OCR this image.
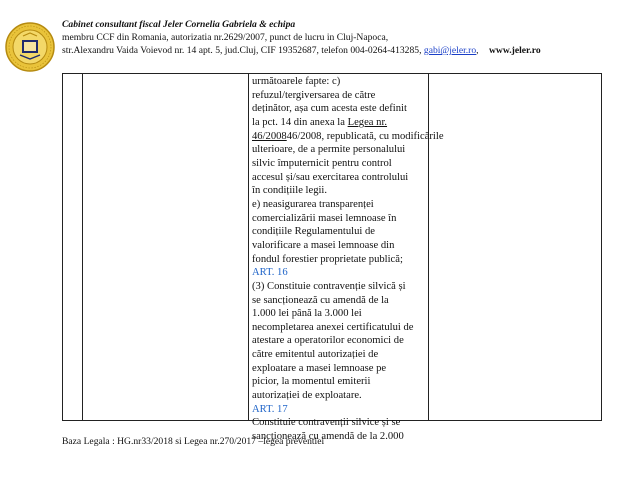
Cabinet consultant fiscal Jeler Cornelia Gabriela & echipa
membru CCF din Romania, autorizatia nr.2629/2007, punct de lucru in Cluj-Napoca,
str.Alexandru Vaida Voievod nr. 14 apt. 5, jud.Cluj, CIF 19352687, telefon 004-0264-413285, gabi@jeler.ro, www.jeler.ro
următoarele fapte: c)
refuzul/tergiversarea de către
deținător, așa cum acesta este definit
la pct. 14 din anexa la Legea nr.
46/200846/2008, republicată, cu modificările
ulterioare, de a permite personalului
silvic împuternicit pentru control
accesul și/sau exercitarea controlului
în condițiile legii.
e) neasigurarea transparenței
comercializării masei lemnoase în
condițiile Regulamentului de
valorificare a masei lemnoase din
fondul forestier proprietate publică;
ART. 16
(3) Constituie contravenție silvică și
se sancționează cu amendă de la
1.000 lei până la 3.000 lei
necompletarea anexei certificatului de
atestare a operatorilor economici de
către emitentul autorizației de
exploatare a masei lemnoase pe
picior, la momentul emiterii
autorizației de exploatare.
ART. 17
Constituie contravenții silvice și se
sancționează cu amendă de la 2.000
Baza Legala : HG.nr33/2018 si Legea nr.270/2017 –legea preventiei
